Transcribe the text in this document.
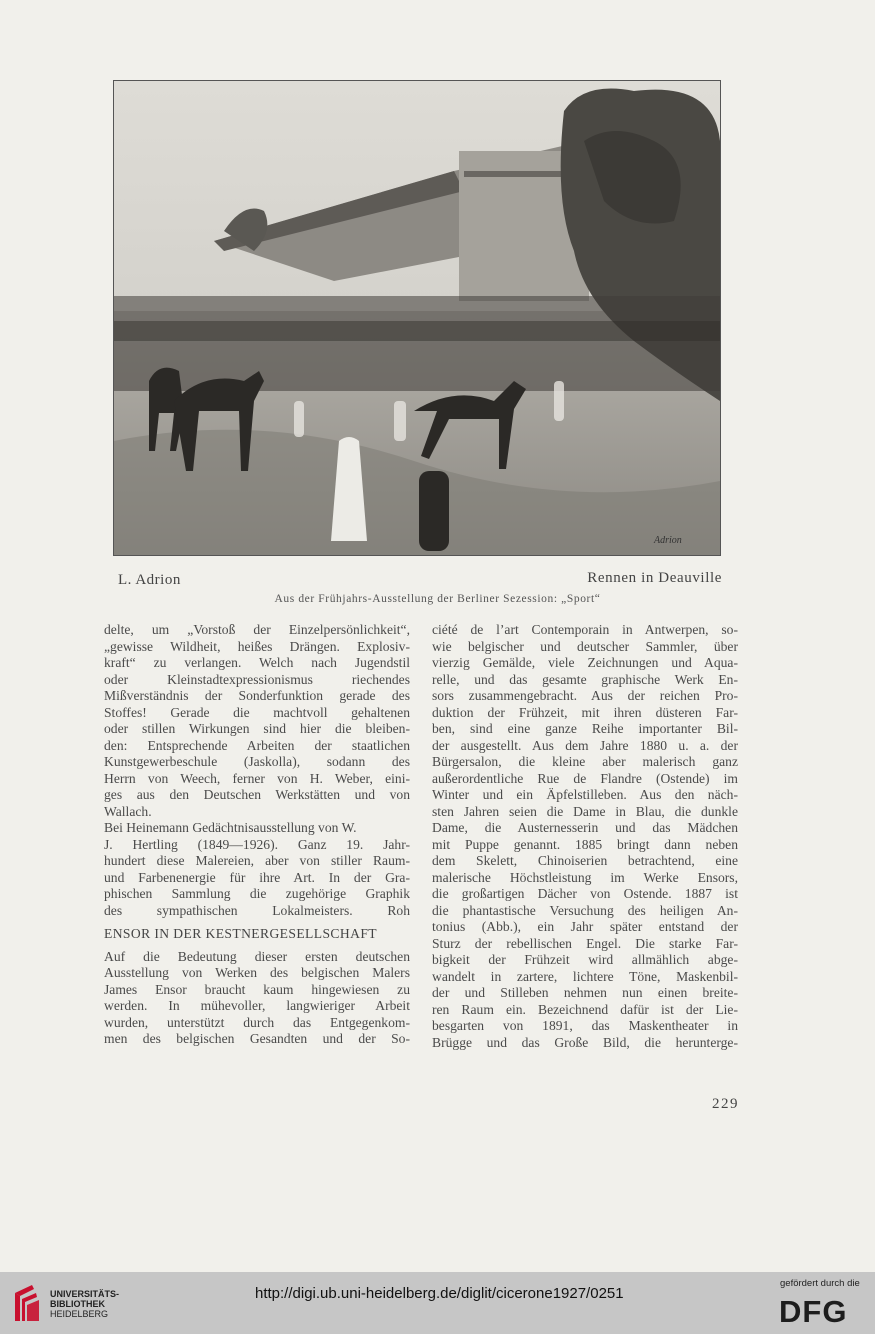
Adrion
L. Adrion	Rennen in Deauville
Aus der Frühjahrs-Ausstellung der Berliner Sezession: „Sport“
delte, um „Vorstoß der Einzelpersönlichkeit“,
„gewisse Wildheit, heißes Drängen. Explosiv-
kraft“ zu verlangen. Welch nach Jugendstil
oder Kleinstadtexpressionismus riechendes
Mißverständnis der Sonderfunktion gerade des
Stoffes! Gerade die machtvoll gehaltenen
oder stillen Wirkungen sind hier die bleiben-
den: Entsprechende Arbeiten der staatlichen
Kunstgewerbeschule (Jaskolla), sodann des
Herrn von Weech, ferner von H. Weber, eini-
ges aus den Deutschen Werkstätten und von
Wallach.
Bei Heinemann Gedächtnisausstellung von W.
J. Hertling (1849—1926). Ganz 19. Jahr-
hundert diese Malereien, aber von stiller Raum-
und Farbenenergie für ihre Art. In der Gra-
phischen Sammlung die zugehörige Graphik
des sympathischen Lokalmeisters. Roh
ENSOR IN DER KESTNERGESELLSCHAFT
Auf die Bedeutung dieser ersten deutschen
Ausstellung von Werken des belgischen Malers
James Ensor braucht kaum hingewiesen zu
werden. In mühevoller, langwieriger Arbeit
wurden, unterstützt durch das Entgegenkom-
men des belgischen Gesandten und der So-
ciété de l’art Contemporain in Antwerpen, so-
wie belgischer und deutscher Sammler, über
vierzig Gemälde, viele Zeichnungen und Aqua-
relle, und das gesamte graphische Werk En-
sors zusammengebracht. Aus der reichen Pro-
duktion der Frühzeit, mit ihren düsteren Far-
ben, sind eine ganze Reihe importanter Bil-
der ausgestellt. Aus dem Jahre 1880 u. a. der
Bürgersalon, die kleine aber malerisch ganz
außerordentliche Rue de Flandre (Ostende) im
Winter und ein Äpfelstilleben. Aus den näch-
sten Jahren seien die Dame in Blau, die dunkle
Dame, die Austernesserin und das Mädchen
mit Puppe genannt. 1885 bringt dann neben
dem Skelett, Chinoiserien betrachtend, eine
malerische Höchstleistung im Werke Ensors,
die großartigen Dächer von Ostende. 1887 ist
die phantastische Versuchung des heiligen An-
tonius (Abb.), ein Jahr später entstand der
Sturz der rebellischen Engel. Die starke Far-
bigkeit der Frühzeit wird allmählich abge-
wandelt in zartere, lichtere Töne, Maskenbil-
der und Stilleben nehmen nun einen breite-
ren Raum ein. Bezeichnend dafür ist der Lie-
besgarten von 1891, das Maskentheater in
Brügge und das Große Bild, die herunterge-
229
UNIVERSITÄTS-
BIBLIOTHEK
HEIDELBERG
http://digi.ub.uni-heidelberg.de/diglit/cicerone1927/0251
gefördert durch die
DFG
